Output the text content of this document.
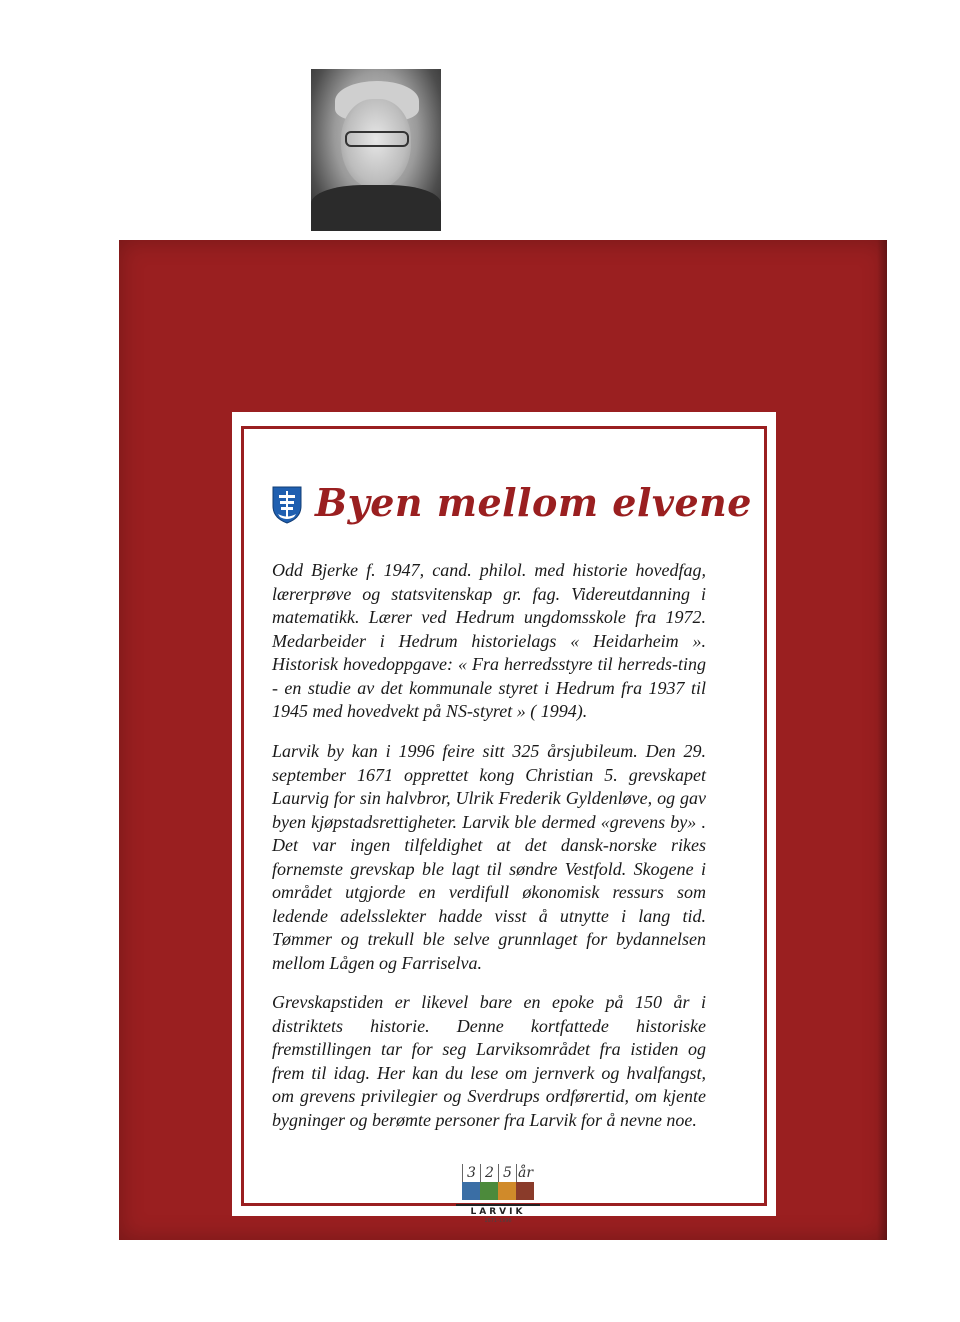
Byen mellom elvene
Odd Bjerke f. 1947, cand. philol. med historie hovedfag, lærerprøve og statsvitenskap gr. fag. Videreutdanning i matematikk. Lærer ved Hedrum ungdomsskole fra 1972. Medarbeider i Hedrum historielags « Heidarheim ». Historisk hovedoppgave: « Fra herredsstyre til herreds-ting - en studie av det kommunale styret i Hedrum fra 1937 til 1945 med hovedvekt på NS-styret » ( 1994).
Larvik by kan i 1996 feire sitt 325 årsjubileum. Den 29. september 1671 opprettet kong Christian 5. grevskapet Laurvig for sin halvbror, Ulrik Frederik Gyldenløve, og gav byen kjøpstadsrettigheter. Larvik ble dermed «grevens by» . Det var ingen tilfeldighet at det dansk-norske rikes fornemste grevskap ble lagt til søndre Vestfold. Skogene i området utgjorde en verdifull økonomisk ressurs som ledende adelsslekter hadde visst å utnytte i lang tid. Tømmer og trekull ble selve grunnlaget for bydannelsen mellom Lågen og Farriselva.
Grevskapstiden er likevel bare en epoke på 150 år i distriktets historie. Denne kortfattede historiske fremstillingen tar for seg Larviksområdet fra istiden og frem til idag. Her kan du lese om jernverk og hvalfangst, om grevens privilegier og Sverdrups ordførertid, om kjente bygninger og berømte personer fra Larvik for å nevne noe.
3 2 5 år
LARVIK
1671-1996
